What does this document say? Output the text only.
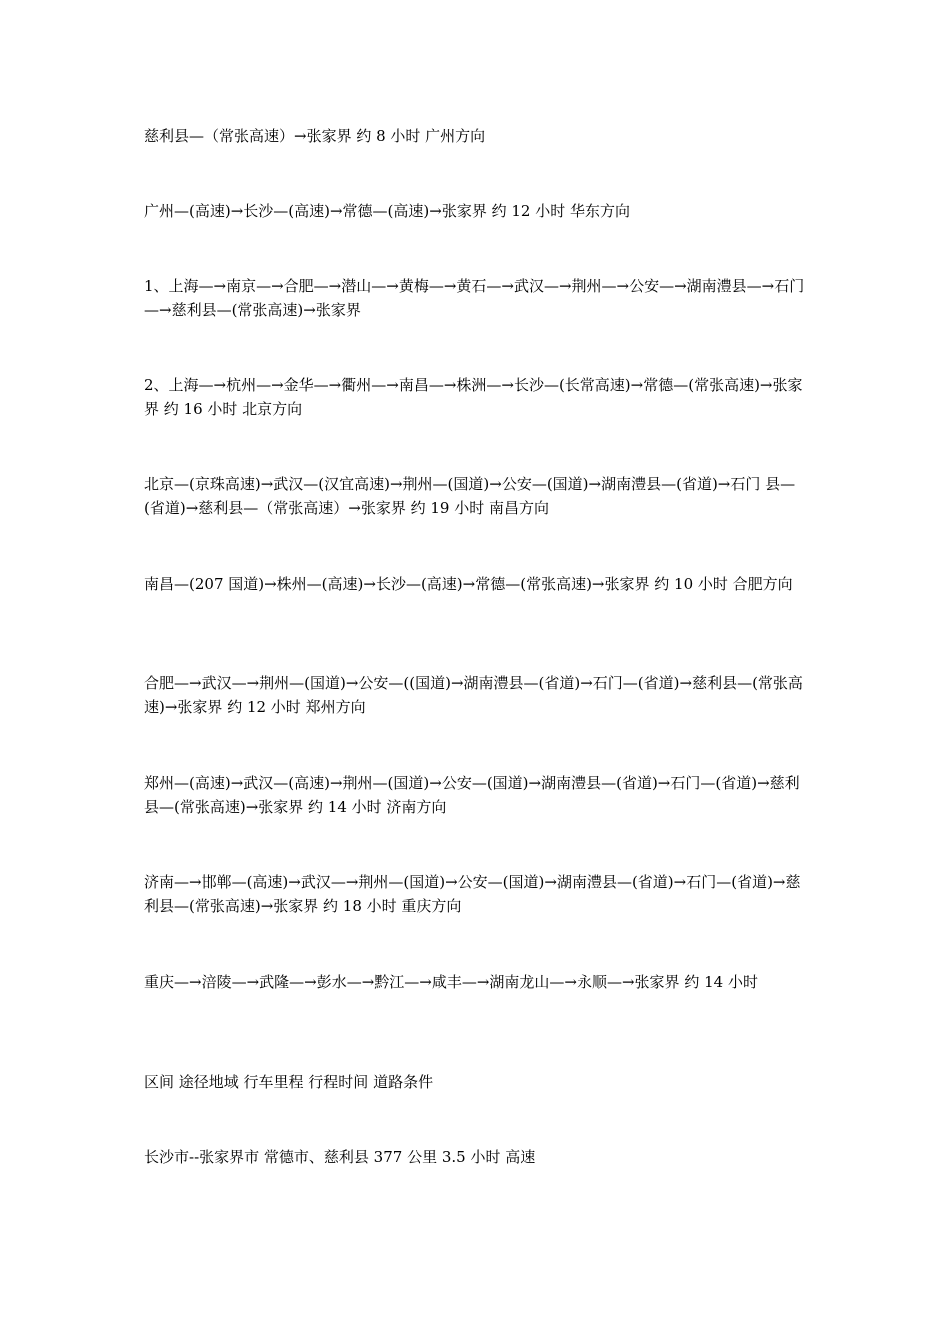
慈利县—（常张高速）→张家界 约 8 小时 广州方向

广州—(高速)→长沙—(高速)→常德—(高速)→张家界 约 12 小时 华东方向

1、上海—→南京—→合肥—→潜山—→黄梅—→黄石—→武汉—→荆州—→公安—→湖南澧县—→石门—→慈利县—(常张高速)→张家界

2、上海—→杭州—→金华—→衢州—→南昌—→株洲—→长沙—(长常高速)→常德—(常张高速)→张家界 约 16 小时 北京方向

北京—(京珠高速)→武汉—(汉宜高速)→荆州—(国道)→公安—(国道)→湖南澧县—(省道)→石门 县—(省道)→慈利县—（常张高速）→张家界 约 19 小时 南昌方向

南昌—(207 国道)→株州—(高速)→长沙—(高速)→常德—(常张高速)→张家界 约 10 小时 合肥方向

合肥—→武汉—→荆州—(国道)→公安—((国道)→湖南澧县—(省道)→石门—(省道)→慈利县—(常张高速)→张家界 约 12 小时 郑州方向

郑州—(高速)→武汉—(高速)→荆州—(国道)→公安—(国道)→湖南澧县—(省道)→石门—(省道)→慈利县—(常张高速)→张家界 约 14 小时 济南方向

济南—→邯郸—(高速)→武汉—→荆州—(国道)→公安—(国道)→湖南澧县—(省道)→石门—(省道)→慈利县—(常张高速)→张家界 约 18 小时 重庆方向

重庆—→涪陵—→武隆—→彭水—→黔江—→咸丰—→湖南龙山—→永顺—→张家界 约 14 小时

区间 途径地域 行车里程 行程时间 道路条件

长沙市--张家界市 常德市、慈利县 377 公里 3.5 小时 高速
